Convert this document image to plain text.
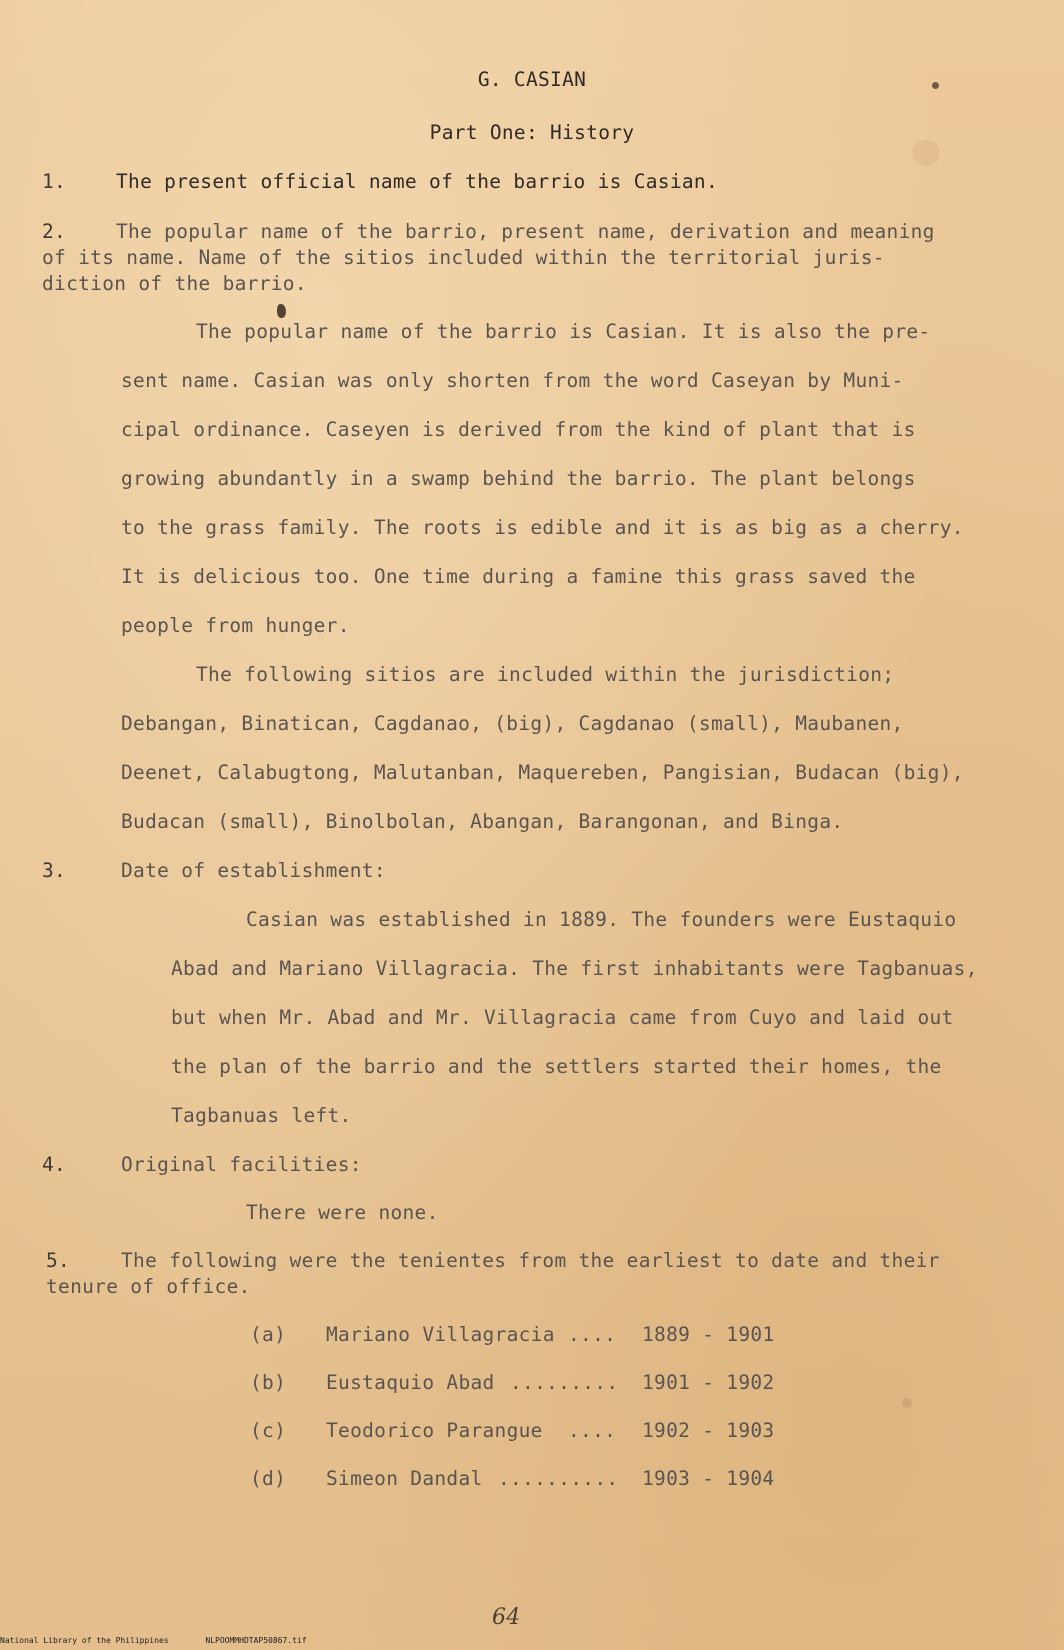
G. CASIAN
Part One: History
1.	The present official name of the barrio is Casian.
2.	The popular name of the barrio, present name, derivation and meaning
of its name. Name of the sitios included within the territorial juris-
diction of the barrio.
The popular name of the barrio is Casian. It is also the pre-
sent name. Casian was only shorten from the word Caseyan by Muni-
cipal ordinance. Caseyen is derived from the kind of plant that is
growing abundantly in a swamp behind the barrio. The plant belongs
to the grass family. The roots is edible and it is as big as a cherry.
It is delicious too. One time during a famine this grass saved the
people from hunger.
The following sitios are included within the jurisdiction;
Debangan, Binatican, Cagdanao, (big), Cagdanao (small), Maubanen,
Deenet, Calabugtong, Malutanban, Maquereben, Pangisian, Budacan (big),
Budacan (small), Binolbolan, Abangan, Barangonan, and Binga.
3.	Date of establishment:
Casian was established in 1889. The founders were Eustaquio
Abad and Mariano Villagracia. The first inhabitants were Tagbanuas,
but when Mr. Abad and Mr. Villagracia came from Cuyo and laid out
the plan of the barrio and the settlers started their homes, the
Tagbanuas left.
4.	Original facilities:
There were none.
5.	The following were the tenientes from the earliest to date and their
tenure of office.
(a) Mariano Villagracia .... 1889 - 1901
(b) Eustaquio Abad ......... 1901 - 1902
(c) Teodorico Parangue .... 1902 - 1903
(d) Simeon Dandal .......... 1903 - 1904
64
National Library of the Philippines	NLPOOMMHDTAP50867.tif
